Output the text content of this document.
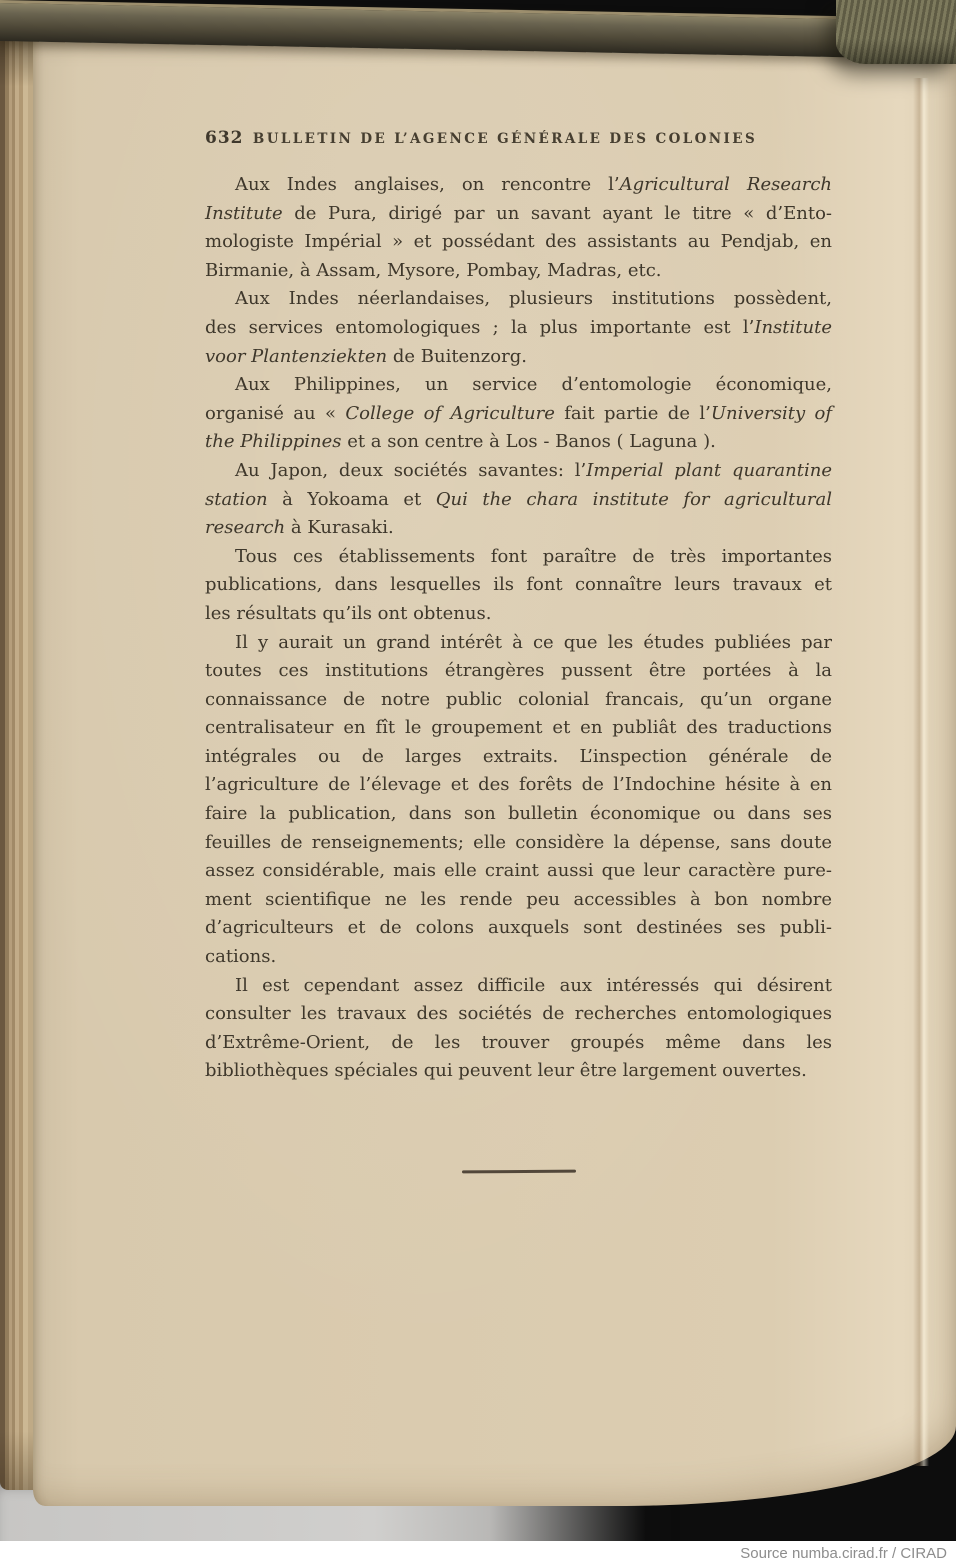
632 BULLETIN DE L’AGENCE GÉNÉRALE DES COLONIES
Aux Indes anglaises, on rencontre l’Agricultural Research
Institute de Pura, dirigé par un savant ayant le titre « d’Ento-
mologiste Impérial » et possédant des assistants au Pendjab, en
Birmanie, à Assam, Mysore, Pombay, Madras, etc.
Aux Indes néerlandaises, plusieurs institutions possèdent,
des services entomologiques ; la plus importante est l’Institute
voor Plantenziekten de Buitenzorg.
Aux Philippines, un service d’entomologie économique,
organisé au « College of Agriculture fait partie de l’University of
the Philippines et a son centre à Los - Banos ( Laguna ).
Au Japon, deux sociétés savantes: l’Imperial plant quarantine
station à Yokoama et Qui the chara institute for agricultural
research à Kurasaki.
Tous ces établissements font paraître de très importantes
publications, dans lesquelles ils font connaître leurs travaux et
les résultats qu’ils ont obtenus.
Il y aurait un grand intérêt à ce que les études publiées par
toutes ces institutions étrangères pussent être portées à la
connaissance de notre public colonial francais, qu’un organe
centralisateur en fît le groupement et en publiât des traductions
intégrales ou de larges extraits. L’inspection générale de
l’agriculture de l’élevage et des forêts de l’Indochine hésite à en
faire la publication, dans son bulletin économique ou dans ses
feuilles de renseignements; elle considère la dépense, sans doute
assez considérable, mais elle craint aussi que leur caractère pure-
ment scientifique ne les rende peu accessibles à bon nombre
d’agriculteurs et de colons auxquels sont destinées ses publi-
cations.
Il est cependant assez difficile aux intéressés qui désirent
consulter les travaux des sociétés de recherches entomologiques
d’Extrême-Orient, de les trouver groupés même dans les
bibliothèques spéciales qui peuvent leur être largement ouvertes.
Source numba.cirad.fr / CIRAD
